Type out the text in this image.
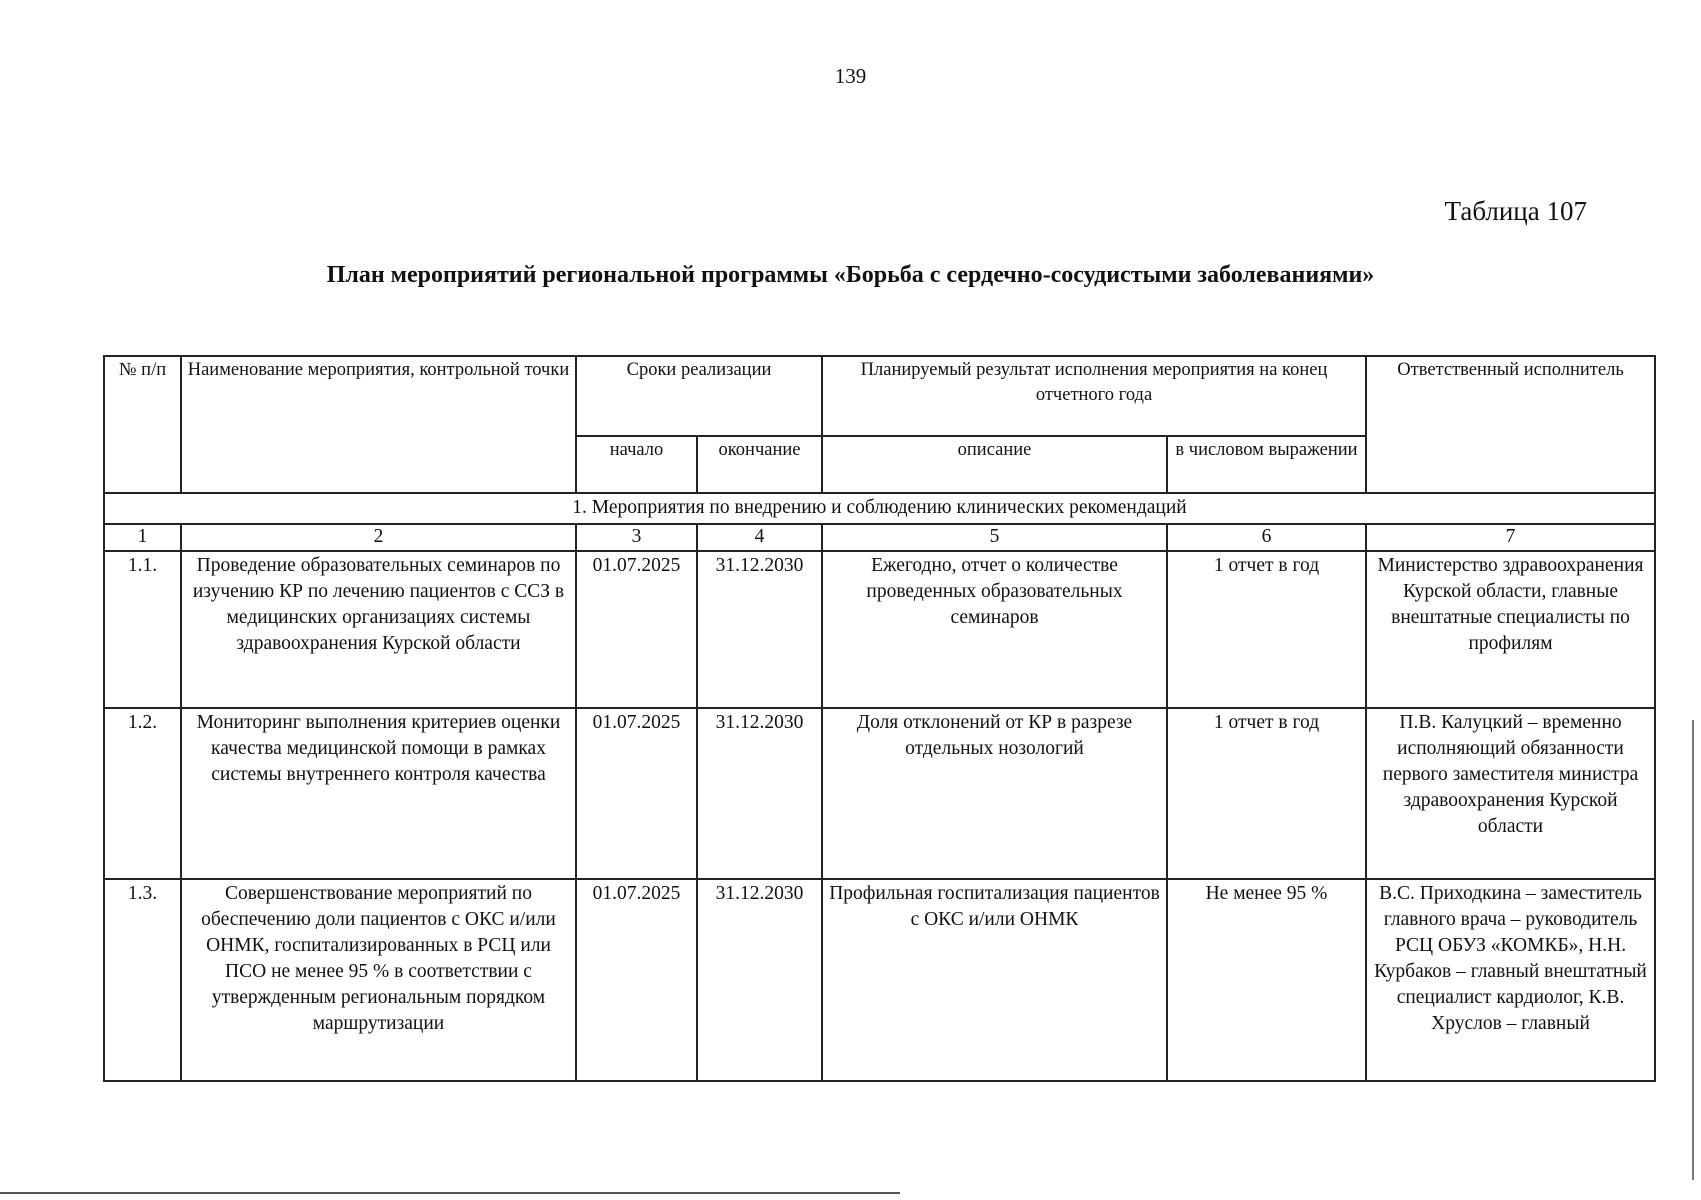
139
Таблица 107
План мероприятий региональной программы «Борьба с сердечно-сосудистыми заболеваниями»
№ п/п	Наименование мероприятия, контрольной точки	Сроки реализации		Планируемый результат исполнения мероприятия на конец отчетного года		Ответственный исполнитель
		начало	окончание	описание	в числовом выражении	
1. Мероприятия по внедрению и соблюдению клинических рекомендаций						
1	2	3	4	5	6	7
1.1.	Проведение образовательных семинаров по изучению КР по лечению пациентов с ССЗ в медицинских организациях системы здравоохранения Курской области	01.07.2025	31.12.2030	Ежегодно, отчет о количестве проведенных образовательных семинаров	1 отчет в год	Министерство здравоохранения Курской области, главные внештатные специалисты по профилям
1.2.	Мониторинг выполнения критериев оценки качества медицинской помощи в рамках системы внутреннего контроля качества	01.07.2025	31.12.2030	Доля отклонений от КР в разрезе отдельных нозологий	1 отчет в год	П.В. Калуцкий – временно исполняющий обязанности первого заместителя министра здравоохранения Курской области
1.3.	Совершенствование мероприятий по обеспечению доли пациентов с ОКС и/или ОНМК, госпитализированных в РСЦ или ПСО не менее 95 % в соответствии с утвержденным региональным порядком маршрутизации	01.07.2025	31.12.2030	Профильная госпитализация пациентов с ОКС и/или ОНМК	Не менее 95 %	В.С. Приходкина – заместитель главного врача – руководитель РСЦ ОБУЗ «КОМКБ», Н.Н. Курбаков – главный внештатный специалист кардиолог, К.В. Хруслов – главный
